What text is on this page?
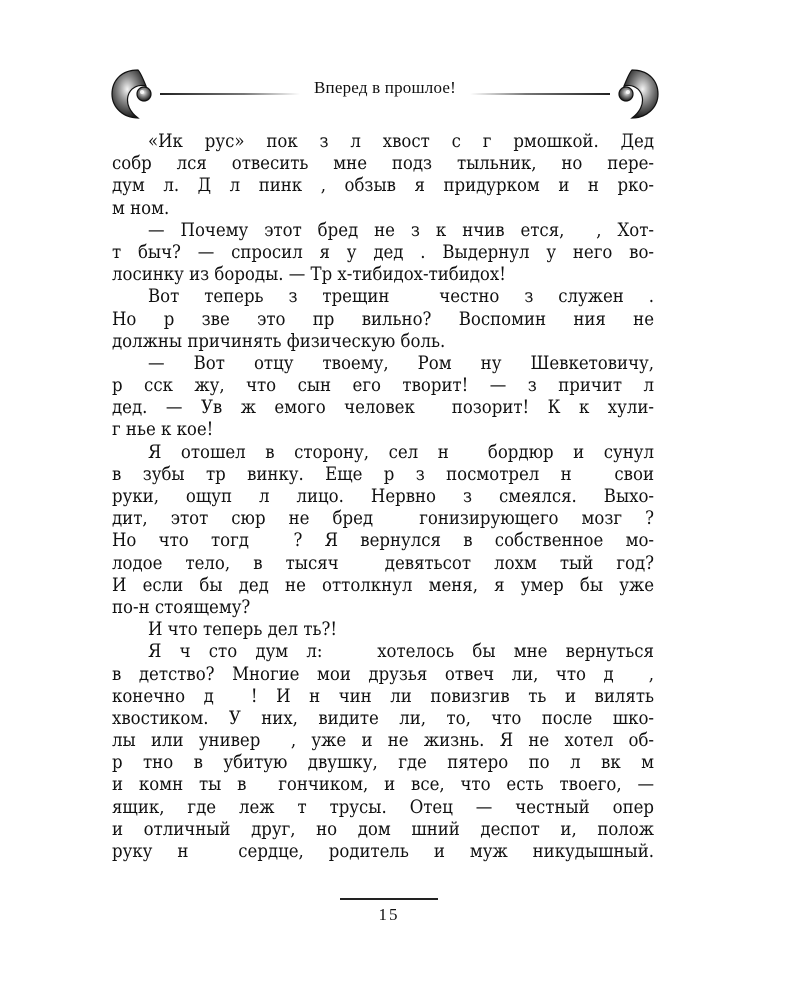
Вперед в прошлое!
«Ик рус» пок з л хвост с г рмошкой. Дед
собр лся отвесить мне подз тыльник, но пере-
дум л. Д л пинк , обзыв я придурком и н рко-
м ном.
— Почему этот бред не з к нчив ется,  , Хот-
т быч? — спросил я у дед . Выдернул у него во-
лосинку из бороды. — Тр х-тибидох-тибидох!
Вот теперь з трещин  честно з служен .
Но р зве это пр вильно? Воспомин ния не
должны причинять физическую боль.
— Вот отцу твоему, Ром ну Шевкетовичу,
р сск жу, что сын его творит! — з причит л
дед. — Ув ж емого человек  позорит! К к хули-
г нье к кое!
Я отошел в сторону, сел н  бордюр и сунул
в зубы тр винку. Еще р з посмотрел н  свои
руки, ощуп л лицо. Нервно з смеялся. Выхо-
дит, этот сюр не бред  гонизирующего мозг ?
Но что тогд  ? Я вернулся в собственное мо-
лодое тело, в тысяч  девятьсот лохм тый год?
И если бы дед не оттолкнул меня, я умер бы уже
по-н стоящему?
И что теперь дел ть?!
Я ч сто дум л:   хотелось бы мне вернуться
в детство? Многие мои друзья отвеч ли, что д  ,
конечно д  ! И н чин ли повизгив ть и вилять
хвостиком. У них, видите ли, то, что после шко-
лы или универ  , уже и не жизнь. Я не хотел об-
р тно в убитую двушку, где пятеро по л вк м
и комн ты в  гончиком, и все, что есть твоего, —
ящик, где леж т трусы. Отец — честный опер
и отличный друг, но дом шний деспот и, полож
руку н  сердце, родитель и муж никудышный.
15
